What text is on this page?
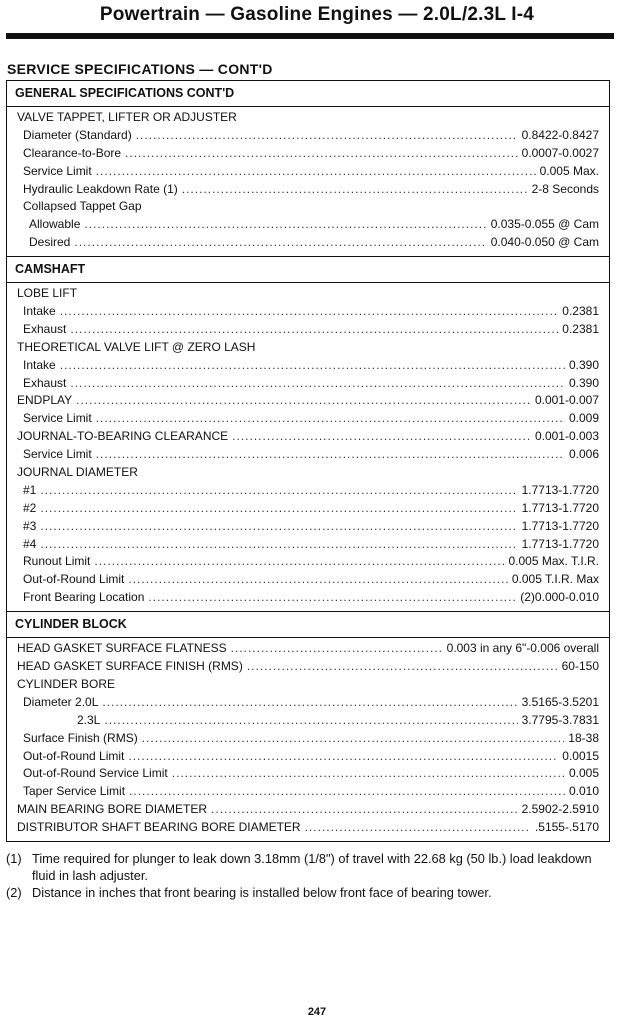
Powertrain — Gasoline Engines — 2.0L/2.3L I-4
SERVICE SPECIFICATIONS — CONT'D
GENERAL SPECIFICATIONS CONT'D
VALVE TAPPET, LIFTER OR ADJUSTER
Diameter (Standard) .....	0.8422-0.8427
Clearance-to-Bore .....	0.0007-0.0027
Service Limit .....	0.005 Max.
Hydraulic Leakdown Rate (1) .....	2-8 Seconds
Collapsed Tappet Gap
Allowable .....	0.035-0.055 @ Cam
Desired .....	0.040-0.050 @ Cam
CAMSHAFT
LOBE LIFT
Intake .....	0.2381
Exhaust .....	0.2381
THEORETICAL VALVE LIFT @ ZERO LASH
Intake .....	0.390
Exhaust .....	0.390
ENDPLAY .....	0.001-0.007
Service Limit .....	0.009
JOURNAL-TO-BEARING CLEARANCE .....	0.001-0.003
Service Limit .....	0.006
JOURNAL DIAMETER
#1 .....	1.7713-1.7720
#2 .....	1.7713-1.7720
#3 .....	1.7713-1.7720
#4 .....	1.7713-1.7720
Runout Limit .....	0.005 Max. T.I.R.
Out-of-Round Limit .....	0.005 T.I.R. Max
Front Bearing Location .....	(2)0.000-0.010
CYLINDER BLOCK
HEAD GASKET SURFACE FLATNESS .....	0.003 in any 6"-0.006 overall
HEAD GASKET SURFACE FINISH (RMS) .....	60-150
CYLINDER BORE
Diameter 2.0L .....	3.5165-3.5201
2.3L .....	3.7795-3.7831
Surface Finish (RMS) .....	18-38
Out-of-Round Limit .....	0.0015
Out-of-Round Service Limit .....	0.005
Taper Service Limit .....	0.010
MAIN BEARING BORE DIAMETER .....	2.5902-2.5910
DISTRIBUTOR SHAFT BEARING BORE DIAMETER .....	.5155-.5170
(1) Time required for plunger to leak down 3.18mm (1/8") of travel with 22.68 kg (50 lb.) load leakdown fluid in lash adjuster.
(2) Distance in inches that front bearing is installed below front face of bearing tower.
247
